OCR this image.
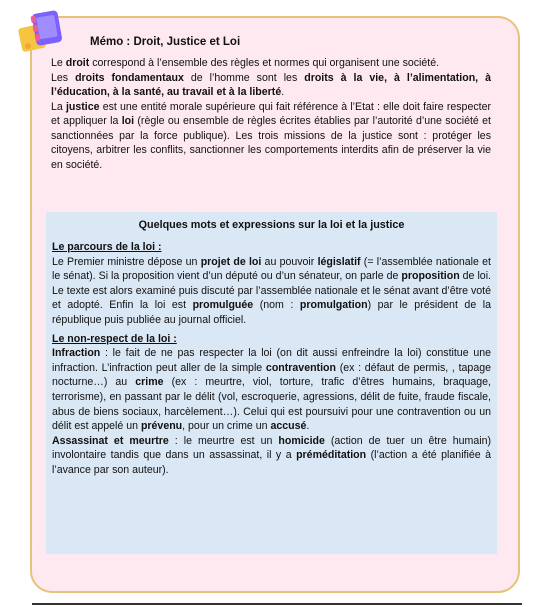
Mémo : Droit, Justice et Loi

Le droit correspond à l’ensemble des règles et normes qui organisent une société.

Les droits fondamentaux de l’homme sont les droits à la vie, à l’alimentation, à l’éducation, à la santé, au travail et à la liberté.

La justice est une entité morale supérieure qui fait référence à l’Etat : elle doit faire respecter et appliquer la loi (règle ou ensemble de règles écrites établies par l’autorité d’une société et sanctionnées par la force publique). Les trois missions de la justice sont : protéger les citoyens, arbitrer les conflits, sanctionner les comportements interdits afin de préserver la vie en société.

Quelques mots et expressions sur la loi et la justice

Le parcours de la loi :

Le Premier ministre dépose un projet de loi au pouvoir législatif (= l’assemblée nationale et le sénat). Si la proposition vient d’un député ou d’un sénateur, on parle de proposition de loi. Le texte est alors examiné puis discuté par l’assemblée nationale et le sénat avant d’être voté et adopté. Enfin la loi est promulguée (nom : promulgation) par le président de la république puis publiée au journal officiel.

Le non-respect de la loi :

Infraction : le fait de ne pas respecter la loi (on dit aussi enfreindre la loi) constitue une infraction. L’infraction peut aller de la simple contravention (ex : défaut de permis, , tapage nocturne…) au crime (ex : meurtre, viol, torture, trafic d’êtres humains, braquage, terrorisme), en passant par le délit (vol, escroquerie, agressions, délit de fuite, fraude fiscale, abus de biens sociaux, harcèlement…). Celui qui est poursuivi pour une contravention ou un délit est appelé un prévenu, pour un crime un accusé.

Assassinat et meurtre : le meurtre est un homicide (action de tuer un être humain) involontaire tandis que dans un assassinat, il y a préméditation (l’action a été planifiée à l’avance par son auteur).
